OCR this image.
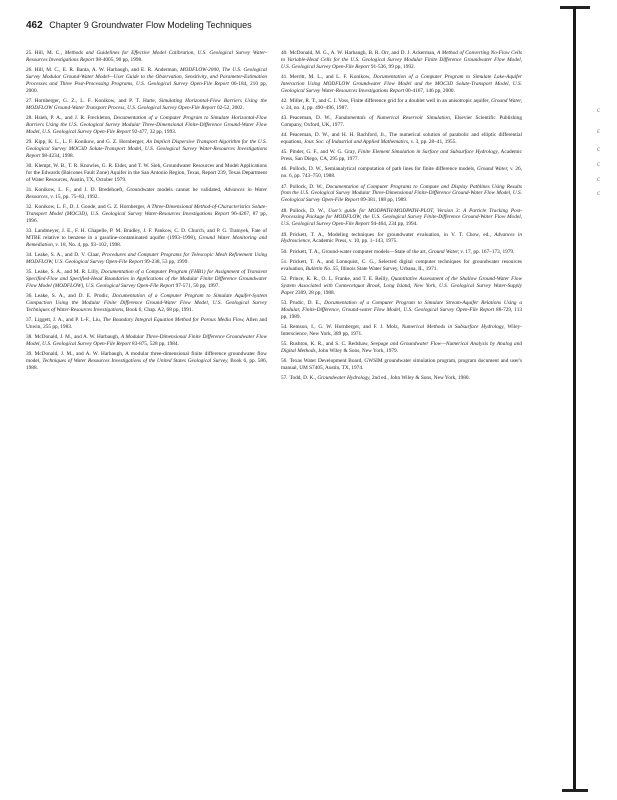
462 Chapter 9 Groundwater Flow Modeling Techniques

25. Hill, M. C., Methods and Guidelines for Effective Model Calibration, U.S. Geological Survey Water-Resources Investigations Report 98-4005, 90 pp, 1998.

26. Hill, M. C., E. R. Banta, A. W. Harbaugh, and E. R. Anderman, MODFLOW-2000, The U.S. Geological Survey Modular Ground-Water Model—User Guide to the Observation, Sensitivity, and Parameter-Estimation Processes and Three Post-Processing Programs, U.S. Geological Survey Open-File Report 00-184, 210 pp, 2000.

27. Hornberger, G. Z., L. F. Konikow, and P. T. Harte, Simulating Horizontal-Flow Barriers Using the MODFLOW Ground-Water Transport Process, U.S. Geological Survey Open-File Report 02-52, 2002.

28. Hsieh, P. A., and J. R. Freckleton, Documentation of a Computer Program to Simulate Horizontal-Flow Barriers Using the U.S. Geological Survey Modular Three-Dimensional Finite-Difference Ground-Water Flow Model, U.S. Geological Survey Open-File Report 92-477, 32 pp, 1993.

29. Kipp, K. L., L. F. Konikow, and G. Z. Hornberger, An Implicit Dispersive Transport Algorithm for the U.S. Geological Survey MOC3D Solute-Transport Model, U.S. Geological Survey Water-Resources Investigations Report 98-4234, 1998.

30. Klempt, W. B., T. R. Knowles, G. R. Elder, and T. W. Sieh, Groundwater Resources and Model Applications for the Edwards (Balcones Fault Zone) Aquifer in the San Antonio Region, Texas, Report 239, Texas Department of Water Resources, Austin, TX, October 1979.

31. Konikow, L. F., and J. D. Bredehoeft, Groundwater models cannot be validated, Advances in Water Resources, v. 15, pp. 75–83, 1992.

32. Konikow, L. F., D. J. Goode, and G. Z. Hornberger, A Three-Dimensional Method-of-Characteristics Solute-Transport Model (MOC3D), U.S. Geological Survey Water-Resources Investigations Report 96-4267, 87 pp, 1996.

33. Landmeyer, J. E., F. H. Chapelle, P. M. Bradley, J. F. Pankow, C. D. Church, and P. G. Tratnyek, Fate of MTBE relative to benzene in a gasoline-contaminated aquifer (1993–1998), Ground Water Monitoring and Remediation, v. 18, No. 4, pp. 93–102, 1998.

34. Leake, S. A., and D. V. Claar, Procedures and Computer Programs for Telescopic Mesh Refinement Using MODFLOW, U.S. Geological Survey Open-File Report 99-238, 53 pp, 1999.

35. Leake, S. A., and M. R. Lilly, Documentation of a Computer Program (FHB1) for Assignment of Transient Specified-Flow and Specified-Head Boundaries in Applications of the Modular Finite Difference Groundwater Flow Model (MODFLOW), U.S. Geological Survey Open-File Report 97-571, 50 pp, 1997.

36. Leake, S. A., and D. E. Prudic, Documentation of a Computer Program to Simulate Aquifer-System Compaction Using the Modular Finite Difference Ground-Water Flow Model, U.S. Geological Survey Techniques of Water-Resources Investigations, Book 6, Chap. A2, 68 pp, 1991.

37. Liggett, J. A., and P. L-F., Liu, The Boundary Integral Equation Method for Porous Media Flow, Allen and Unwin, 255 pp, 1983.

38. McDonald, J. M., and A. W. Harbaugh, A Modular Three-Dimensional Finite Difference Groundwater Flow Model, U.S. Geological Survey Open-File Report 83-875, 528 pp, 1984.

39. McDonald, J. M., and A. W. Harbaugh, A modular three-dimensional finite difference groundwater flow model, Techniques of Water Resources Investigations of the United States Geological Survey, Book 6, pp. 586, 1988.

40. McDonald, M. G., A. W. Harbaugh, B. R. Orr, and D. J. Ackerman, A Method of Converting No-Flow Cells to Variable-Head Cells for the U.S. Geological Survey Modular Finite Difference Groundwater Flow Model, U.S. Geological Survey Open-File Report 91-536, 99 pp, 1992.

41. Merritt, M. L., and L. F. Konikow, Documentation of a Computer Program to Simulate Lake-Aquifer Interaction Using MODFLOW Groundwater Flow Model and the MOC3D Solute-Transport Model, U.S. Geological Survey Water-Resources Investigations Report 00-4167, 146 pp, 2000.

42. Miller, R. T., and C. I. Voss, Finite difference grid for a doublet well in an anisotropic aquifer, Ground Water, v. 24, no. 4, pp. 490–496, 1987.

43. Peaceman, D. W., Fundamentals of Numerical Reservoir Simulation, Elsevier Scientific Publishing Company, Oxford, UK, 1977.

44. Peaceman, D. W., and H. H. Rachford, Jr., The numerical solution of parabolic and elliptic differential equations, Jour. Soc. of Industrial and Applied Mathematics, v. 3, pp. 28–41, 1955.

45. Pinder, G. F., and W. G. Gray, Finite Element Simulation in Surface and Subsurface Hydrology, Academic Press, San Diego, CA, 295 pp, 1977.

46. Pollock, D. W., Semianalytical computation of path lines for finite difference models, Ground Water, v. 26, no. 6, pp. 743–750, 1988.

47. Pollock, D. W., Documentation of Computer Programs to Compute and Display Pathlines Using Results from the U.S. Geological Survey Modular Three-Dimensional Finite-Difference Ground-Water Flow Model, U.S. Geological Survey Open-File Report 89-381, 188 pp, 1989.

48. Pollock, D. W., User's guide for MODPATH/MODPATH-PLOT, Version 3: A Particle Tracking Post-Processing Package for MODFLOW, the U.S. Geological Survey Finite-Difference Ground-Water Flow Model, U.S. Geological Survey Open-File Report 94-464, 234 pp, 1994.

49. Prickett, T. A., Modeling techniques for groundwater evaluation, in V. T. Chow, ed., Advances in Hydroscience, Academic Press, v. 10, pp. 1–143, 1975.

50. Prickett, T. A., Ground-water computer models—State of the art, Ground Water, v. 17, pp. 167–173, 1979.

51. Prickett, T. A., and Lonnquist, C. G., Selected digital computer techniques for groundwater resources evaluation, Bulletin No. 55, Illinois State Water Survey, Urbana, IL, 1971.

52. Prince, K. R., O. L. Franke, and T. E. Reilly, Quantitative Assessment of the Shallow Ground-Water Flow System Associated with Connecetquot Brook, Long Island, New York, U.S. Geological Survey Water-Supply Paper 2309, 28 pp, 1988.

53. Prudic, D. E., Documentation of a Computer Program to Simulate Stream-Aquifer Relations Using a Modular, Finite-Difference, Ground-water Flow Model, U.S. Geological Survey Open-File Report 88-729, 113 pp, 1989.

54. Remson, I., G. W. Hornberger, and F. J. Molz, Numerical Methods in Subsurface Hydrology, Wiley-Interscience, New York, 389 pp, 1971.

55. Rushton, K. R., and S. C. Redshaw, Seepage and Groundwater Flow—Numerical Analysis by Analog and Digital Methods, John Wiley & Sons, New York, 1979.

56. Texas Water Development Board, GWSIM groundwater simulation program, program document and user's manual, UM S7405, Austin, TX, 1974.

57. Todd, D. K., Groundwater Hydrology, 2nd ed., John Wiley & Sons, New York, 1980.

c
ε
c
c
c
c
